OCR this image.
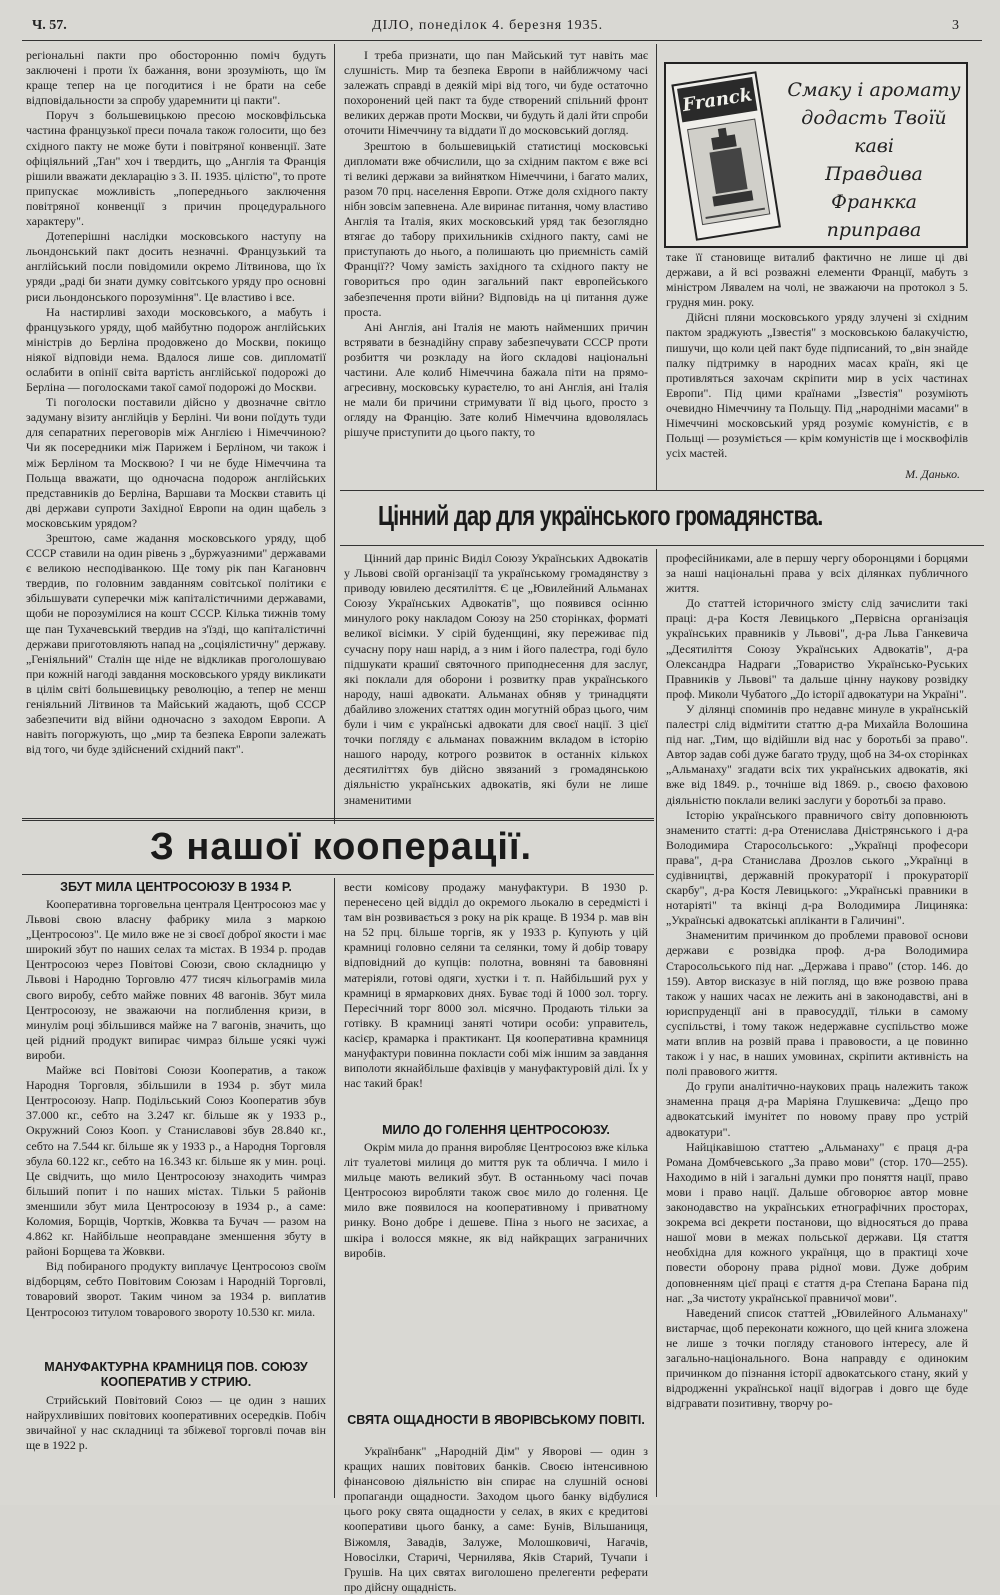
Ч. 57.	ДІЛО, понеділок 4. березня 1935.	3

регіональні пакти про обосторонню поміч будуть заключені і проти їх бажання, вони зрозуміють, що їм краще тепер на це погодитися і не брати на себе відповідальности за спробу ударемнити ці пакти".

Поруч з большевицькою пресою московфільська частина французької преси почала також голосити, що без східного пакту не може бути і повітряної конвенції. Зате офіціяльний „Тан" хоч і твердить, що „Англія та Франція рішили вважати декларацію з 3. II. 1935. цілістю", то проте припускає можливість „попереднього заключення повітряної конвенції з причин процедурального характеру".

Дотеперішні наслідки московського наступу на льондонський пакт досить незначні. Французький та англійський посли повідомили окремо Літвинова, що їх уряди „раді би знати думку совітського уряду про основні риси льондонського порозуміння". Це властиво і все.

На настирливі заходи московського, а мабуть і французького уряду, щоб майбутню подорож англійських міністрів до Берліна продовжено до Москви, покищо ніякої відповіди нема. Вдалося лише сов. дипломатії ослабити в опінії світа вартість англійської подорожі до Берліна — поголосками такої самої подорожі до Москви.

Ті поголоски поставили дійсно у двозначне світло задуману візиту англійців у Берліні. Чи вони поїдуть туди для сепаратних переговорів між Англією і Німеччиною? Чи як посередники між Парижем і Берліном, чи також і між Берліном та Москвою? І чи не буде Німеччина та Польща вважати, що одночасна подорож англійських представників до Берліна, Варшави та Москви ставить ці дві держави супроти Західної Европи на один щабель з московським урядом?

Зрештою, саме жадання московського уряду, щоб СССР ставили на один рівень з „буржуазними" державами є великою несподіванкою. Ще тому рік пан Кагановнч твердив, по головним завданням совітської політики є збільшувати суперечки між капіталістичними державами, щоби не порозумілися на кошт СССР. Кілька тижнів тому ще пан Тухачевський твердив на з'їзді, що капіталістичні держави приготовляють напад на „соціялістичну" державу. „Геніяльний" Сталін ще ніде не відкликав проголошуваю при кожній нагоді завдання московського уряду викликати в цілім світі большевицьку революцію, а тепер не менш геніяльний Літвинов та Майський жадають, щоб СССР забезпечити від війни одночасно з заходом Европи. А навіть погоржують, що „мир та безпека Европи залежать від того, чи буде здійснений східний пакт".

І треба признати, що пан Майський тут навіть має слушність. Мир та безпека Европи в найближчому часі залежать справді в деякій мірі від того, чи буде остаточно похоронений цей пакт та буде створений спільний фронт великих держав проти Москви, чи будуть й далі йти спроби оточити Німеччину та віддати її до московський догляд.

Зрештою в большевицькій статистиці московські дипломати вже обчислили, що за східним пактом є вже всі ті великі держави за вийнятком Німеччини, і багато малих, разом 70 прц. населення Европи. Отже доля східного пакту нібн зовсім запевнена. Але виринає питання, чому властиво Англія та Італія, яких московський уряд так безоглядно втягає до табору прихильників східного пакту, самі не приступають до нього, а полишають цю приємність самій Франції?? Чому замість західного та східного пакту не говориться про один загальний пакт европейського забезпечення проти війни? Відповідь на ці питання дуже проста.

Ані Англія, ані Італія не мають найменших причин встрявати в безнадійну справу забезпечувати СССР проти розбиття чи розкладу на його складові національні частини. Але колиб Німеччина бажала піти на прямо-агресивну, московську кураєтелю, то ані Англія, ані Італія не мали би причини стримувати її від цього, просто з огляду на Францію. Зате колиб Німеччина вдоволялась рішуче приступити до цього пакту, то

Franck Смаку і аромату
додасть Твоїй каві
Правдива Франкка
приправа

таке її становище виталиб фактично не лише ці дві держави, а й всі розважні елементи Франції, мабуть з міністром Лявалем на чолі, не зважаючи на протокол з 5. грудня мин. року.

Дійсні пляни московського уряду злучені зі східним пактом зраджують „Ізвестія" з московською балакучістю, пишучи, що коли цей пакт буде підписаний, то „він знайде палку підтримку в народних масах країн, які це противляться захочам скріпити мир в усіх частинах Европи". Під цими країнами „Ізвестія" розуміють очевидно Німеччину та Польщу. Під „народніми масами" в Німеччині московський уряд розуміє комуністів, є в Польщі — розуміється — крім комуністів ще і москвофілів усіх мастей.

М. Данько.

Цінний дар для українського громадянства.

Цінний дар приніс Виділ Союзу Українських Адвокатів у Львові своїй організації та українському громадянству з приводу ювилею десятиліття. Є це „Ювилейний Альманах Союзу Українських Адвокатів", що появився осінню минулого року накладом Союзу на 250 сторінках, форматі великої вісімки. У сірій буденщині, яку переживає під сучасну пору наш нарід, а з ним і його палестра, годі було підшукати крашиї святочного приподнесення для заслуг, які поклали для оборони і розвитку прав українського народу, наші адвокати. Альманах обняв у тринадцяти дбайливо зложених статтях один могутній образ цього, чим були і чим є українські адвокати для своєї нації. З цієї точки погляду є альманах поважним вкладом в історію нашого народу, котрого розвиток в останніх кількох десятиліттях був дійсно звязаний з громадянською діяльністю українських адвокатів, які були не лише знаменитими

професійниками, але в першу чергу оборонцями і борцями за наші національні права у всіх ділянках публичного життя.

До статтей історичного змісту слід зачислити такі праці: д-ра Костя Левицького „Первісна організація українських правників у Львові", д-ра Льва Ганкевича „Десятиліття Союзу Українських Адвокатів", д-ра Олександра Надраги „Товариство Українсько-Руських Правників у Львові" та дальше цінну наукову розвідку проф. Миколи Чубатого „До історії адвокатури на Україні".

У ділянці споминів про недавнє минуле в українській палестрі слід відмітити статтю д-ра Михайла Волошина під наг. „Тим, що відійшли від нас у боротьбі за право". Автор задав собі дуже багато труду, щоб на 34-ох сторінках „Альманаху" згадати всіх тих українських адвокатів, які вже від 1849. р., точніше від 1869. р., своєю фаховою діяльністю поклали великі заслуги у боротьбі за право.

Історію українського правничого світу доповнюють знаменито статті: д-ра Отенислава Дністрянського і д-ра Володимира Старосольського: „Українці професори права", д-ра Станислава Дрозлов ського „Українці в судівництві, державній прокураторії і прокураторії скарбу", д-ра Костя Левицького: „Українські правники в нотаріяті" та вкінці д-ра Володимира Лициняка: „Українські адвокатські апліканти в Галичині".

Знаменитим причинком до проблеми правової основи держави є розвідка проф. д-ра Володимира Старосольського під наг. „Держава і право" (стор. 146. до 159). Автор висказує в ній погляд, що вже розвою права також у наших часах не лежить ані в законодавстві, ані в юриспруденції ані в правосуддії, тільки в самому суспільстві, і тому також недержавне суспільство може мати вплив на розвій права і правовости, а це повинно також і у нас, в наших умовинах, скріпити активність на полі правового життя.

До групи аналітично-наукових праць належить також знаменна праця д-ра Маріяна Глушкевича: „Дещо про адвокатський імунітет по новому праву про устрій адвокатури".

Найцікавішою статтею „Альманаху" є праця д-ра Романа Домбчевського „За право мови" (стор. 170—255). Находимо в ній і загальні думки про поняття нації, право мови і право нації. Дальше обговорює автор мовне законодавство на українських етнографічних просторах, зокрема всі декрети постанови, що відносяться до права нашої мови в межах польської держави. Ця стаття необхідна для кожного українця, що в практиці хоче повести оборону права рідної мови. Дуже добрим доповненням цієї праці є стаття д-ра Степана Барана під наг. „За чистоту української правничої мови".

Наведений список статтей „Ювилейного Альманаху" вистарчає, щоб переконати кожного, що цей книга зложена не лише з точки погляду станового інтересу, але й загально-національного. Вона направду є одиноким причинком до пізнання історії адвокатського стану, який у відродженні української нації відограв і довго ще буде відгравати позитивну, творчу ро-

З нашої кооперації.
ЗБУТ МИЛА ЦЕНТРОСОЮЗУ В 1934 Р.

Кооперативна торговельна централя Центросоюз має у Львові свою власну фабрику мила з маркою „Центросоюз". Це мило вже не зі своєї доброї якости і має широкий збут по наших селах та містах. В 1934 р. продав Центросоюз через Повітові Союзи, свою складницю у Львові і Народню Торговлю 477 тисяч кільограмів мила свого виробу, себто майже повних 48 вагонів. Збут мила Центросоюзу, не зважаючи на поглиблення кризи, в минулім році збільшився майже на 7 вагонів, значить, що цей рідний продукт випирає чимраз більше усякі чужі вироби.

Майже всі Повітові Союзи Кооператив, а також Народня Торговля, збільшили в 1934 р. збут мила Центросоюзу. Напр. Подільський Союз Кооператив збув 37.000 кг., себто на 3.247 кг. більше як у 1933 р., Окружний Союз Кооп. у Станиславові збув 28.840 кг., себто на 7.544 кг. більше як у 1933 р., а Народня Торговля збула 60.122 кг., себто на 16.343 кг. більше як у мин. році. Це свідчить, що мило Центросоюзу знаходить чимраз більший попит і по наших містах. Тільки 5 районів зменшили збут мила Центросоюзу в 1934 р., а саме: Коломия, Борщів, Чортків, Жовква та Бучач — разом на 4.862 кг. Найбільше неоправдане зменшення збуту в районі Борщева та Жовкви.

Від побираного продукту виплачує Центросоюз своїм відборцям, себто Повітовим Союзам і Народній Торговлі, товаровий зворот. Таким чином за 1934 р. виплатив Центросоюз титулом товарового звороту 10.530 кг. мила.

МАНУФАКТУРНА КРАМНИЦЯ ПОВ. СОЮЗУ КООПЕРАТИВ У СТРИЮ.

Стрийський Повітовий Союз — це один з наших найрухливіших повітових кооперативних осередків. Побіч звичайної у нас складниці та збіжевої торговлі почав він ще в 1922 р.

вести комісову продажу мануфактури. В 1930 р. перенесено цей відділ до окремого льокалю в середмісті і там він розвивається з року на рік краще. В 1934 р. мав він на 52 прц. більше торгів, як у 1933 р. Купують у цій крамниці головно селяни та селянки, тому й добір товару відповідний до купців: полотна, вовняні та бавовняні матеріяли, готові одяги, хустки і т. п. Найбільший рух у крамниці в ярмаркових днях. Буває тоді й 1000 зол. торгу. Пересічний торг 8000 зол. місячно. Продають тільки за готівку. В крамниці заняті чотири особи: управитель, касієр, крамарка і практикант. Ця кооперативна крамниця мануфактури повинна покласти собі між іншим за завдання виполоти якнайбільше фахівців у мануфактуровій ділі. Їх у нас такий брак!

МИЛО ДО ГОЛЕННЯ ЦЕНТРОСОЮЗУ.

Окрім мила до прання виробляє Центросоюз вже кілька літ туалетові милиця до миття рук та обличча. І мило і мильце мають великий збут. В останньому часі почав Центросоюз виробляти також своє мило до голення. Це мило вже появилося на кооперативному і приватному ринку. Воно добре і дешеве. Піна з нього не засихає, а шкіра і волосся мякне, як від найкращих заграничних виробів.

СВЯТА ОЩАДНОСТИ В ЯВОРІВСЬКОМУ ПОВІТІ.

Українбанк" „Народній Дім" у Яворові — один з кращих наших повітових банків. Своєю інтенсивною фінансовою діяльністю він спирає на слушній основі пропаганди ощадности. Заходом цього банку відбулися цього року свята ощадности у селах, в яких є кредитові кооперативи цього банку, а саме: Бунів, Вільшаниця, Віжомля, Завадів, Залуже, Молошковичі, Нагачів, Новосілки, Старичі, Чернилява, Яків Старий, Тучапи і Грушів. На цих святах виголошено прелегенти реферати про дійсну ощадність.
